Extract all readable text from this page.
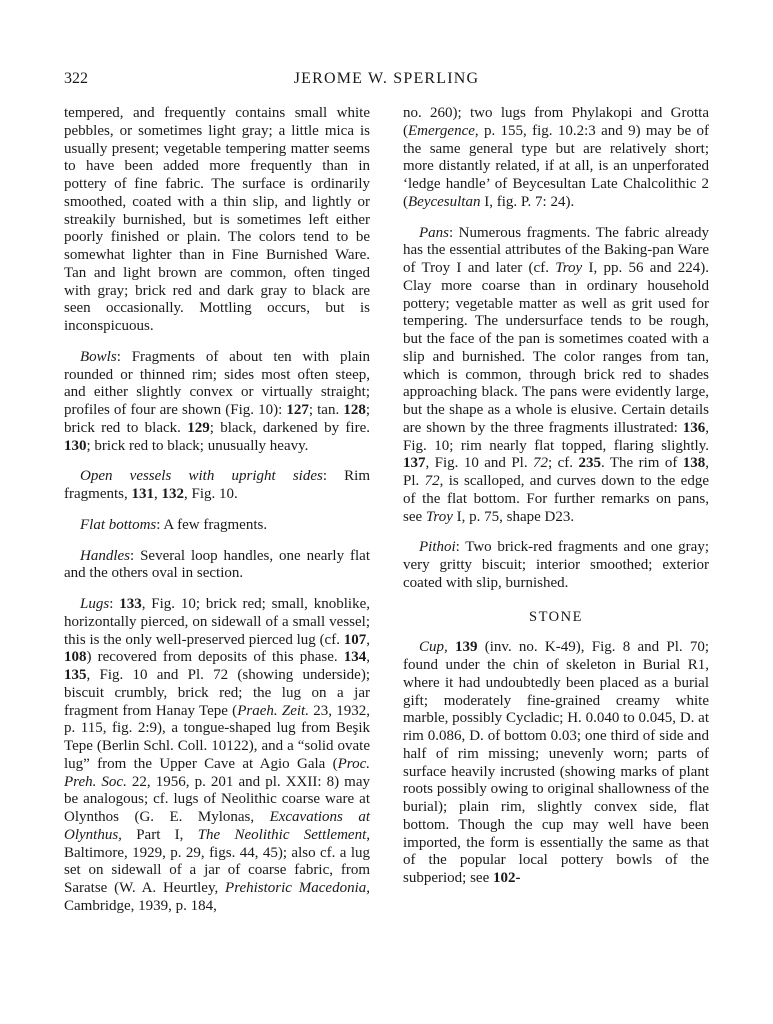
322	JEROME W. SPERLING

tempered, and frequently contains small white pebbles, or sometimes light gray; a little mica is usually present; vegetable tempering matter seems to have been added more frequently than in pottery of fine fabric. The surface is ordinarily smoothed, coated with a thin slip, and lightly or streakily burnished, but is sometimes left either poorly finished or plain. The colors tend to be somewhat lighter than in Fine Burnished Ware. Tan and light brown are common, often tinged with gray; brick red and dark gray to black are seen occasionally. Mottling occurs, but is inconspicuous.

Bowls: Fragments of about ten with plain rounded or thinned rim; sides most often steep, and either slightly convex or virtually straight; profiles of four are shown (Fig. 10): 127; tan. 128; brick red to black. 129; black, darkened by fire. 130; brick red to black; unusually heavy.

Open vessels with upright sides: Rim fragments, 131, 132, Fig. 10.

Flat bottoms: A few fragments.

Handles: Several loop handles, one nearly flat and the others oval in section.

Lugs: 133, Fig. 10; brick red; small, knoblike, horizontally pierced, on sidewall of a small vessel; this is the only well-preserved pierced lug (cf. 107, 108) recovered from deposits of this phase. 134, 135, Fig. 10 and Pl. 72 (showing underside); biscuit crumbly, brick red; the lug on a jar fragment from Hanay Tepe (Praeh. Zeit. 23, 1932, p. 115, fig. 2:9), a tongue-shaped lug from Beşik Tepe (Berlin Schl. Coll. 10122), and a “solid ovate lug” from the Upper Cave at Agio Gala (Proc. Preh. Soc. 22, 1956, p. 201 and pl. XXII: 8) may be analogous; cf. lugs of Neolithic coarse ware at Olynthos (G. E. Mylonas, Excavations at Olynthus, Part I, The Neolithic Settlement, Baltimore, 1929, p. 29, figs. 44, 45); also cf. a lug set on sidewall of a jar of coarse fabric, from Saratse (W. A. Heurtley, Prehistoric Macedonia, Cambridge, 1939, p. 184,

no. 260); two lugs from Phylakopi and Grotta (Emergence, p. 155, fig. 10.2:3 and 9) may be of the same general type but are relatively short; more distantly related, if at all, is an unperforated ‘ledge handle’ of Beycesultan Late Chalcolithic 2 (Beycesultan I, fig. P. 7: 24).

Pans: Numerous fragments. The fabric already has the essential attributes of the Baking-pan Ware of Troy I and later (cf. Troy I, pp. 56 and 224). Clay more coarse than in ordinary household pottery; vegetable matter as well as grit used for tempering. The undersurface tends to be rough, but the face of the pan is sometimes coated with a slip and burnished. The color ranges from tan, which is common, through brick red to shades approaching black. The pans were evidently large, but the shape as a whole is elusive. Certain details are shown by the three fragments illustrated: 136, Fig. 10; rim nearly flat topped, flaring slightly. 137, Fig. 10 and Pl. 72; cf. 235. The rim of 138, Pl. 72, is scalloped, and curves down to the edge of the flat bottom. For further remarks on pans, see Troy I, p. 75, shape D23.

Pithoi: Two brick-red fragments and one gray; very gritty biscuit; interior smoothed; exterior coated with slip, burnished.

STONE

Cup, 139 (inv. no. K-49), Fig. 8 and Pl. 70; found under the chin of skeleton in Burial R1, where it had undoubtedly been placed as a burial gift; moderately fine-grained creamy white marble, possibly Cycladic; H. 0.040 to 0.045, D. at rim 0.086, D. of bottom 0.03; one third of side and half of rim missing; unevenly worn; parts of surface heavily incrusted (showing marks of plant roots possibly owing to original shallowness of the burial); plain rim, slightly convex side, flat bottom. Though the cup may well have been imported, the form is essentially the same as that of the popular local pottery bowls of the subperiod; see 102-
